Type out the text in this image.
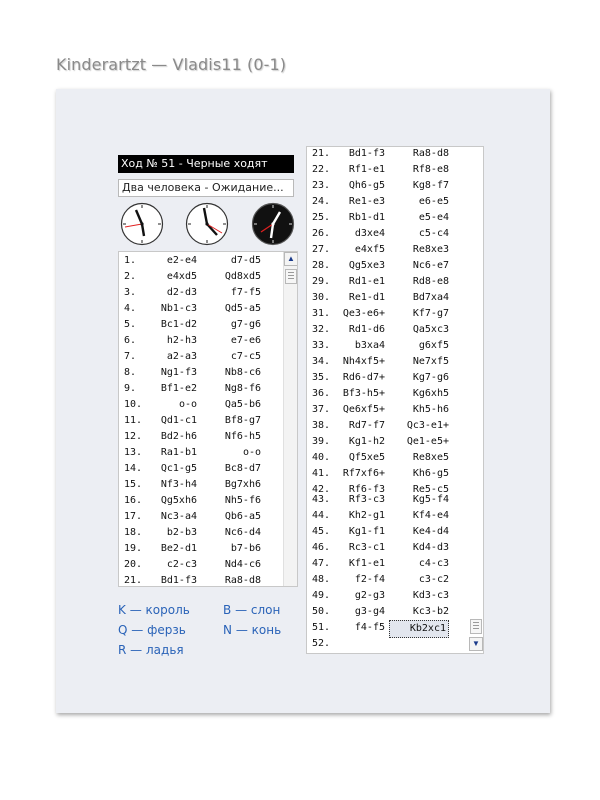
Kinderartzt — Vladis11 (0-1)
Ход № 51 - Черные ходят
Два человека - Ожидание...
1.	e2-e4	d7-d5
2.	e4xd5	Qd8xd5
3.	d2-d3	f7-f5
4.	Nb1-c3	Qd5-a5
5.	Bc1-d2	g7-g6
6.	h2-h3	e7-e6
7.	a2-a3	c7-c5
8.	Ng1-f3	Nb8-c6
9.	Bf1-e2	Ng8-f6
10.	o-o	Qa5-b6
11.	Qd1-c1	Bf8-g7
12.	Bd2-h6	Nf6-h5
13.	Ra1-b1	o-o
14.	Qc1-g5	Bc8-d7
15.	Nf3-h4	Bg7xh6
16.	Qg5xh6	Nh5-f6
17.	Nc3-a4	Qb6-a5
18.	b2-b3	Nc6-d4
19.	Be2-d1	b7-b6
20.	c2-c3	Nd4-c6
21.	Bd1-f3	Ra8-d8
▲
21.	Bd1-f3	Ra8-d8
22.	Rf1-e1	Rf8-e8
23.	Qh6-g5	Kg8-f7
24.	Re1-e3	e6-e5
25.	Rb1-d1	e5-e4
26.	d3xe4	c5-c4
27.	e4xf5	Re8xe3
28.	Qg5xe3	Nc6-e7
29.	Rd1-e1	Rd8-e8
30.	Re1-d1	Bd7xa4
31.	Qe3-e6+	Kf7-g7
32.	Rd1-d6	Qa5xc3
33.	b3xa4	g6xf5
34.	Nh4xf5+	Ne7xf5
35.	Rd6-d7+	Kg7-g6
36.	Bf3-h5+	Kg6xh5
37.	Qe6xf5+	Kh5-h6
38.	Rd7-f7	Qc3-e1+
39.	Kg1-h2	Qe1-e5+
40.	Qf5xe5	Re8xe5
41.	Rf7xf6+	Kh6-g5
42.	Rf6-f3	Re5-c5
43.	Rf3-c3	Kg5-f4
44.	Kh2-g1	Kf4-e4
45.	Kg1-f1	Ke4-d4
46.	Rc3-c1	Kd4-d3
47.	Kf1-e1	c4-c3
48.	f2-f4	c3-c2
49.	g2-g3	Kd3-c3
50.	g3-g4	Kc3-b2
51.	f4-f5	Kb2xc1
52.	▼
K — король	B — слон
Q — ферзь	N — конь
R — ладья
